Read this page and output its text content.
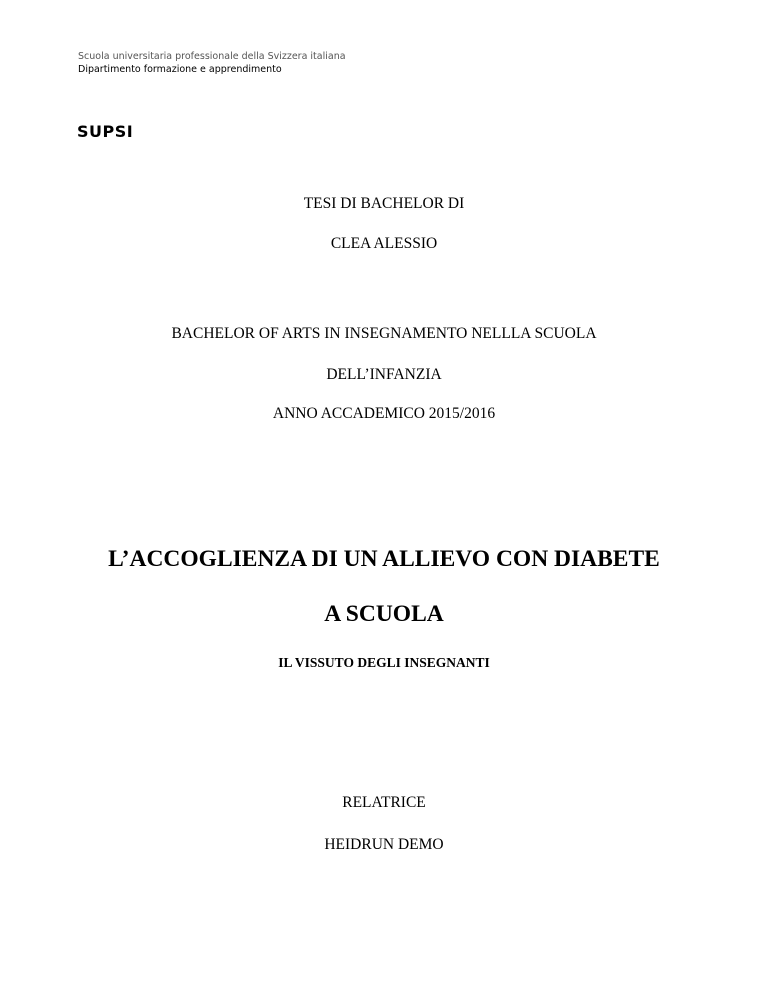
Scuola universitaria professionale della Svizzera italiana
Dipartimento formazione e apprendimento
SUPSI
TESI DI BACHELOR DI
CLEA ALESSIO
BACHELOR OF ARTS IN INSEGNAMENTO NELLLA SCUOLA
DELL’INFANZIA
ANNO ACCADEMICO 2015/2016
L’ACCOGLIENZA DI UN ALLIEVO CON DIABETE
A SCUOLA
IL VISSUTO DEGLI INSEGNANTI
RELATRICE
HEIDRUN DEMO
